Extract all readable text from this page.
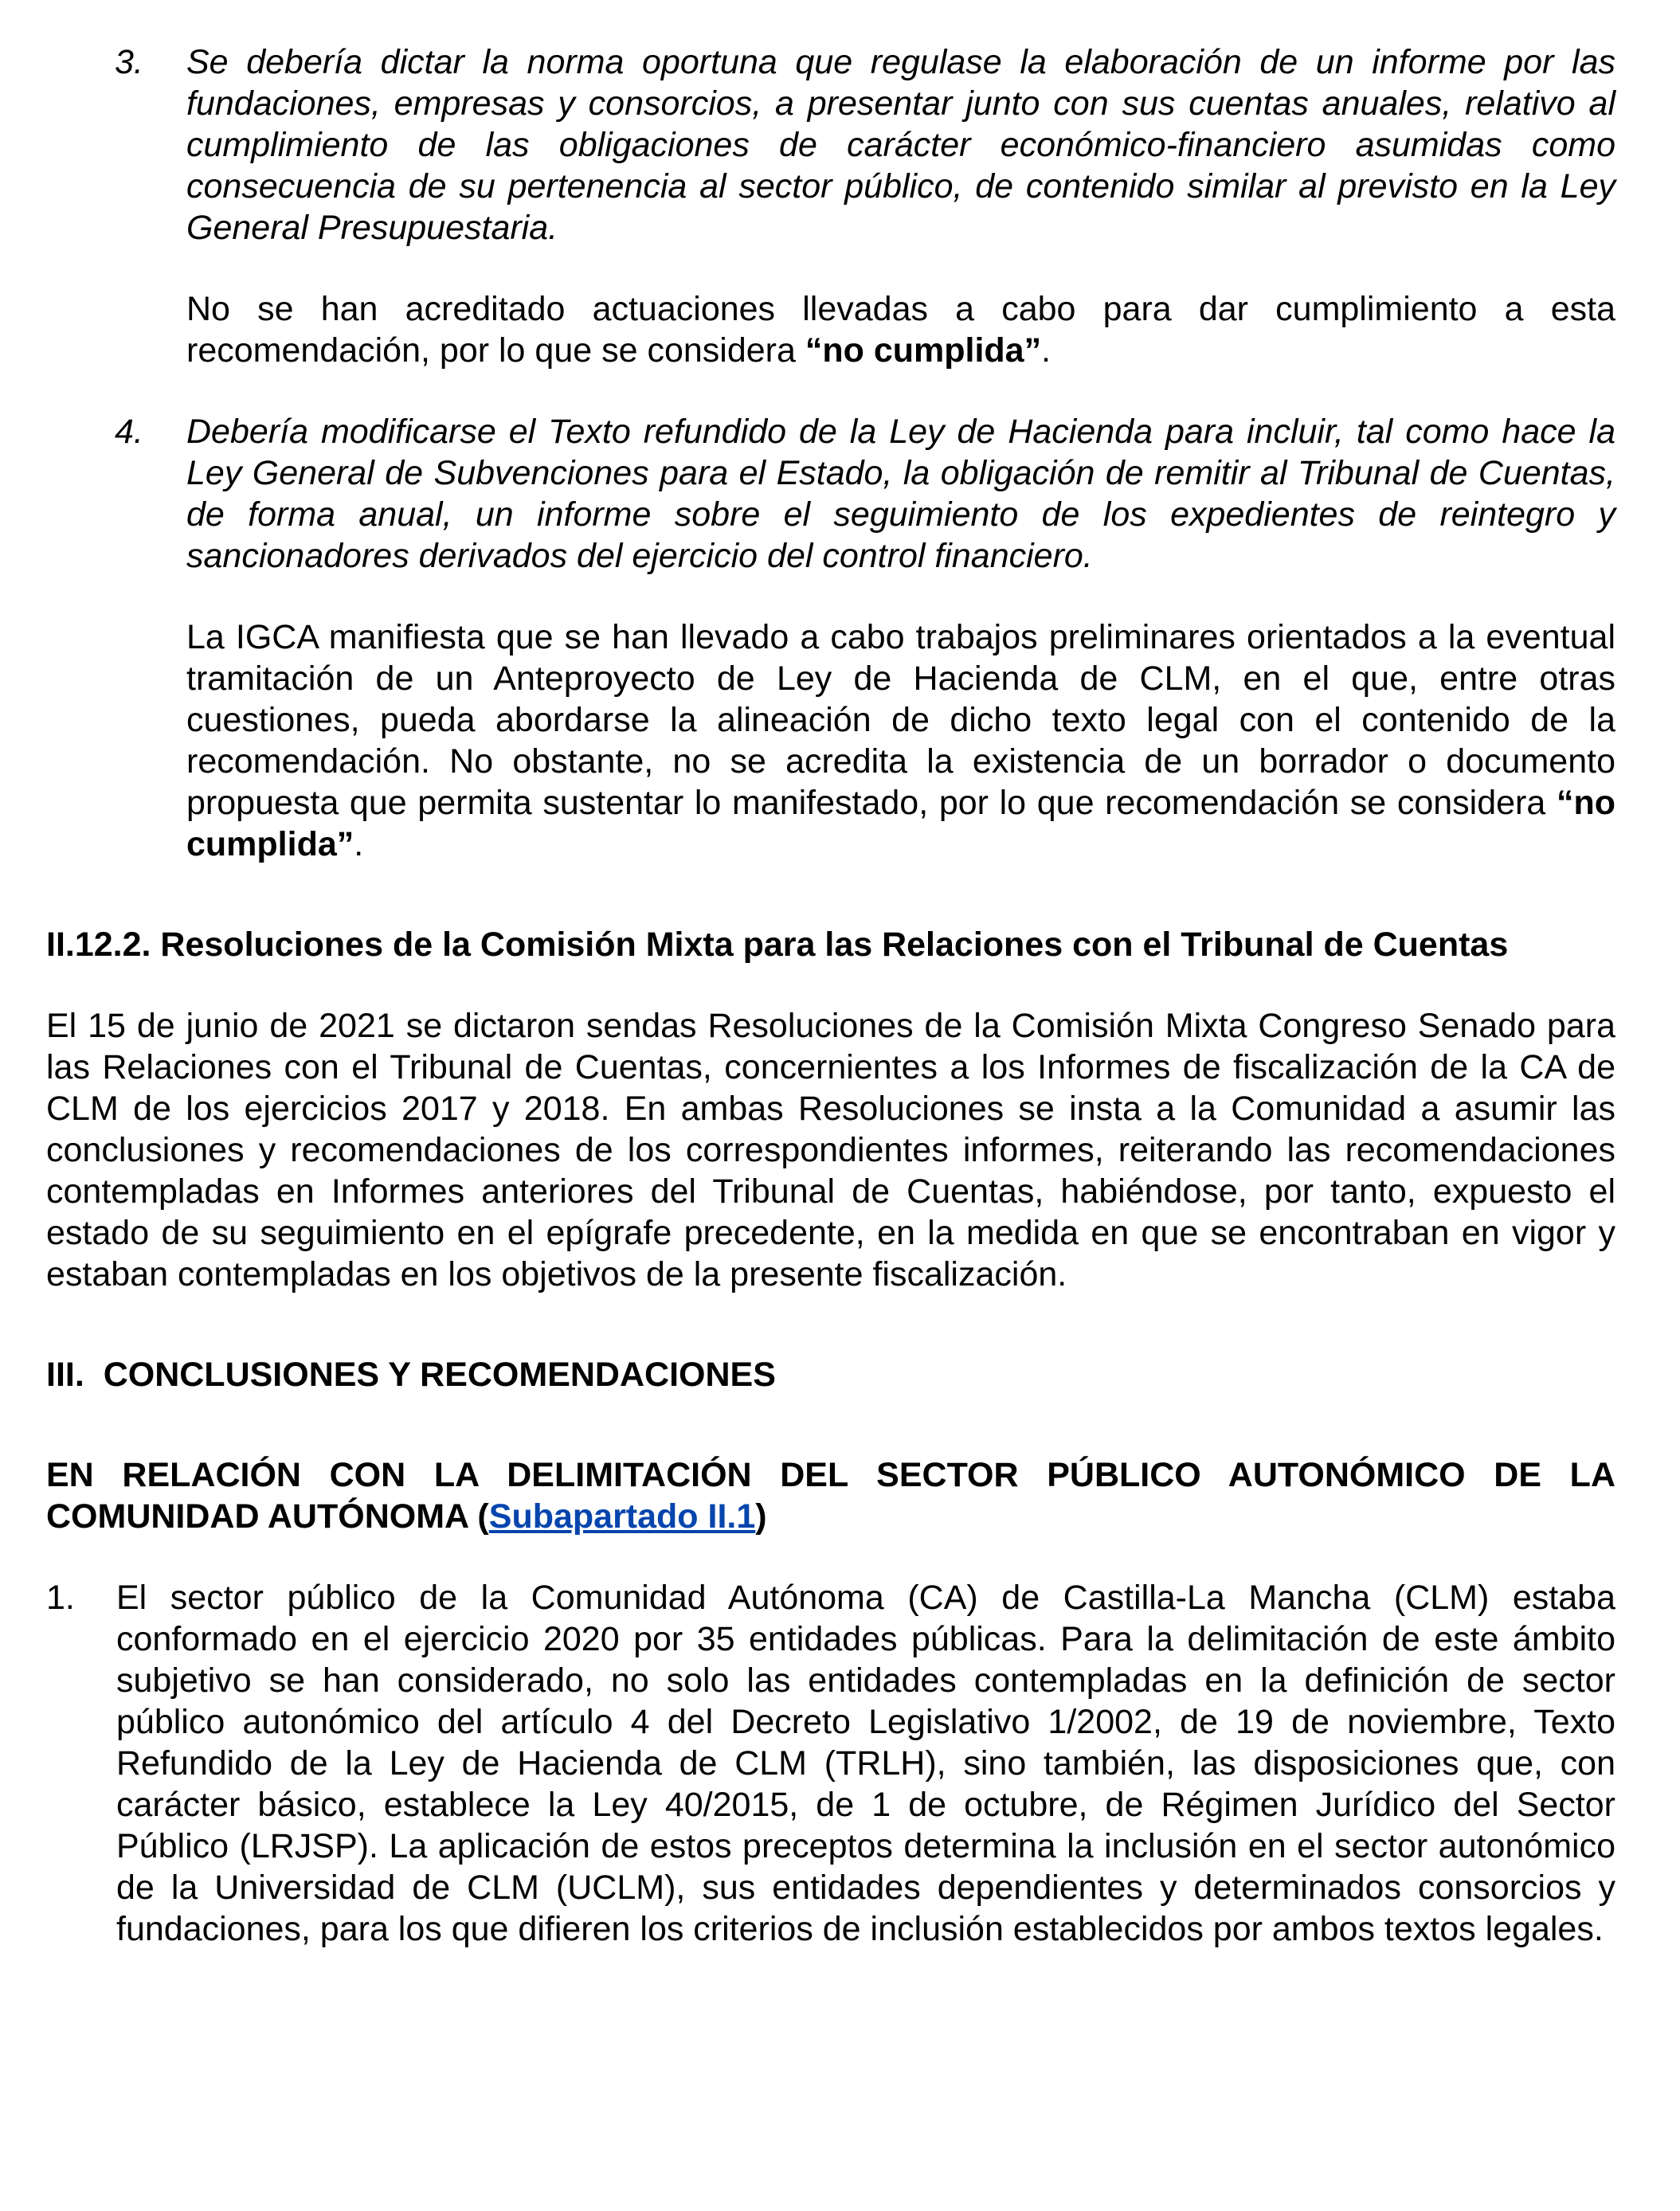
3. Se debería dictar la norma oportuna que regulase la elaboración de un informe por las fundaciones, empresas y consorcios, a presentar junto con sus cuentas anuales, relativo al cumplimiento de las obligaciones de carácter económico-financiero asumidas como consecuencia de su pertenencia al sector público, de contenido similar al previsto en la Ley General Presupuestaria.

No se han acreditado actuaciones llevadas a cabo para dar cumplimiento a esta recomendación, por lo que se considera “no cumplida”.

4. Debería modificarse el Texto refundido de la Ley de Hacienda para incluir, tal como hace la Ley General de Subvenciones para el Estado, la obligación de remitir al Tribunal de Cuentas, de forma anual, un informe sobre el seguimiento de los expedientes de reintegro y sancionadores derivados del ejercicio del control financiero.

La IGCA manifiesta que se han llevado a cabo trabajos preliminares orientados a la eventual tramitación de un Anteproyecto de Ley de Hacienda de CLM, en el que, entre otras cuestiones, pueda abordarse la alineación de dicho texto legal con el contenido de la recomendación. No obstante, no se acredita la existencia de un borrador o documento propuesta que permita sustentar lo manifestado, por lo que recomendación se considera “no cumplida”.

II.12.2. Resoluciones de la Comisión Mixta para las Relaciones con el Tribunal de Cuentas

El 15 de junio de 2021 se dictaron sendas Resoluciones de la Comisión Mixta Congreso Senado para las Relaciones con el Tribunal de Cuentas, concernientes a los Informes de fiscalización de la CA de CLM de los ejercicios 2017 y 2018. En ambas Resoluciones se insta a la Comunidad a asumir las conclusiones y recomendaciones de los correspondientes informes, reiterando las recomendaciones contempladas en Informes anteriores del Tribunal de Cuentas, habiéndose, por tanto, expuesto el estado de su seguimiento en el epígrafe precedente, en la medida en que se encontraban en vigor y estaban contempladas en los objetivos de la presente fiscalización.

III. CONCLUSIONES Y RECOMENDACIONES

EN RELACIÓN CON LA DELIMITACIÓN DEL SECTOR PÚBLICO AUTONÓMICO DE LA COMUNIDAD AUTÓNOMA (Subapartado II.1)

1. El sector público de la Comunidad Autónoma (CA) de Castilla-La Mancha (CLM) estaba conformado en el ejercicio 2020 por 35 entidades públicas. Para la delimitación de este ámbito subjetivo se han considerado, no solo las entidades contempladas en la definición de sector público autonómico del artículo 4 del Decreto Legislativo 1/2002, de 19 de noviembre, Texto Refundido de la Ley de Hacienda de CLM (TRLH), sino también, las disposiciones que, con carácter básico, establece la Ley 40/2015, de 1 de octubre, de Régimen Jurídico del Sector Público (LRJSP). La aplicación de estos preceptos determina la inclusión en el sector autonómico de la Universidad de CLM (UCLM), sus entidades dependientes y determinados consorcios y fundaciones, para los que difieren los criterios de inclusión establecidos por ambos textos legales.
